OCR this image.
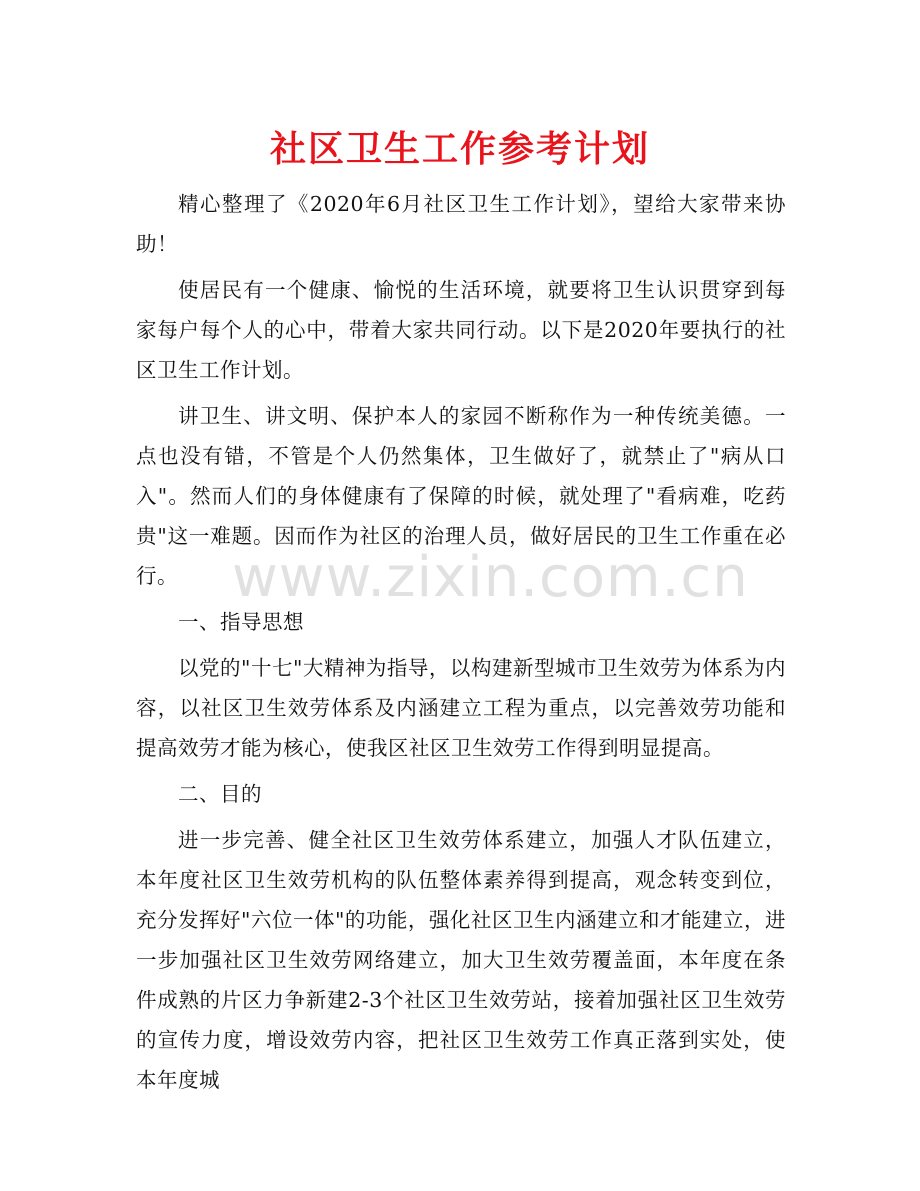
社区卫生工作参考计划

精心整理了《2020年6月社区卫生工作计划》，望给大家带来协助！

使居民有一个健康、愉悦的生活环境，就要将卫生认识贯穿到每家每户每个人的心中，带着大家共同行动。以下是2020年要执行的社区卫生工作计划。

讲卫生、讲文明、保护本人的家园不断称作为一种传统美德。一点也没有错，不管是个人仍然集体，卫生做好了，就禁止了"病从口入"。然而人们的身体健康有了保障的时候，就处理了"看病难，吃药贵"这一难题。因而作为社区的治理人员，做好居民的卫生工作重在必行。

一、指导思想

以党的"十七"大精神为指导，以构建新型城市卫生效劳为体系为内容，以社区卫生效劳体系及内涵建立工程为重点，以完善效劳功能和提高效劳才能为核心，使我区社区卫生效劳工作得到明显提高。

二、目的

进一步完善、健全社区卫生效劳体系建立，加强人才队伍建立，本年度社区卫生效劳机构的队伍整体素养得到提高，观念转变到位，充分发挥好"六位一体"的功能，强化社区卫生内涵建立和才能建立，进一步加强社区卫生效劳网络建立，加大卫生效劳覆盖面，本年度在条件成熟的片区力争新建2-3个社区卫生效劳站，接着加强社区卫生效劳的宣传力度，增设效劳内容，把社区卫生效劳工作真正落到实处，使本年度城

www.zixin.com.cn
